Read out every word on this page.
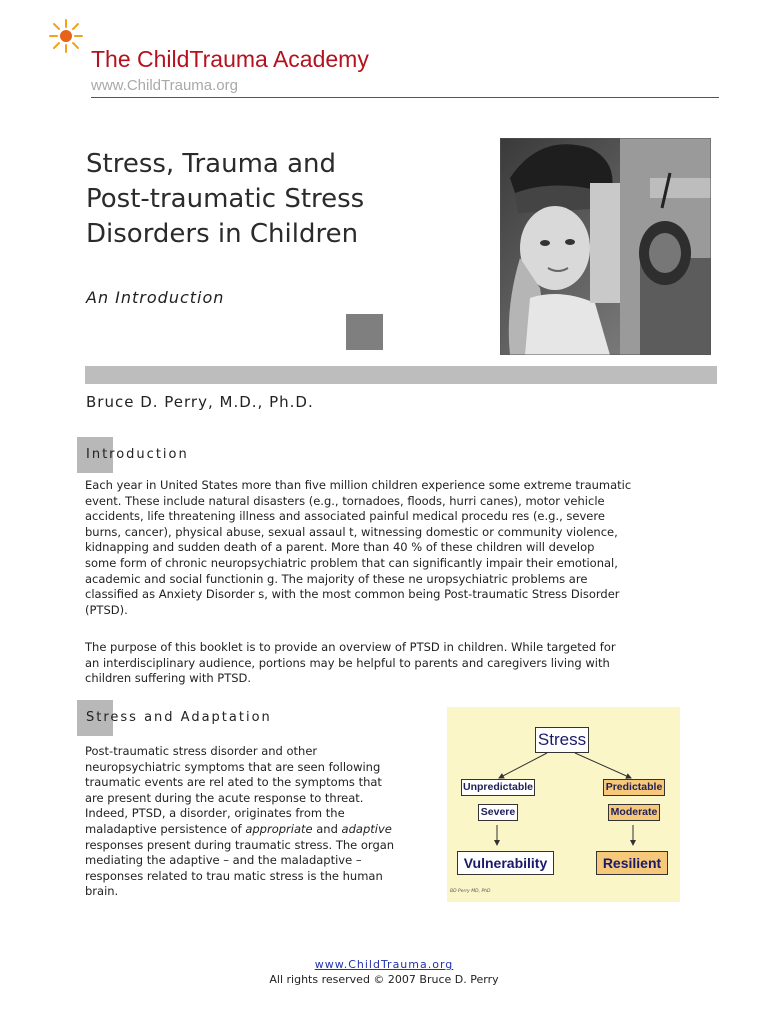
The ChildTrauma Academy
www.ChildTrauma.org
Stress, Trauma and
Post-traumatic Stress
Disorders in Children
An Introduction
Bruce D. Perry, M.D., Ph.D.
Introduction
Each year in United States more than five million children experience some extreme traumatic
event. These include natural disasters (e.g., tornadoes, floods, hurri canes), motor vehicle
accidents, life threatening illness and associated painful medical procedu res (e.g., severe
burns, cancer), physical abuse, sexual assaul t, witnessing domestic or community violence,
kidnapping and sudden death of a parent. More than 40 % of these children will develop
some form of chronic neuropsychiatric problem that can significantly impair their emotional,
academic and social functionin g. The majority of these ne uropsychiatric problems are
classified as Anxiety Disorder s, with the most common being Post-traumatic Stress Disorder
(PTSD).
The purpose of this booklet is to provide an overview of PTSD in children. While targeted for
an interdisciplinary audience, portions may be helpful to parents and caregivers living with
children suffering with PTSD.
Stress and Adaptation
Post-traumatic stress disorder and other
neuropsychiatric symptoms that are seen following
traumatic events are rel ated to the symptoms that
are present during the acute response to threat.
Indeed, PTSD, a disorder, originates from the
maladaptive persistence of appropriate and adaptive
responses present during traumatic stress. The organ
mediating the adaptive – and the maladaptive –
responses related to trau matic stress is the human
brain.
Stress
Unpredictable	Predictable
Severe	Moderate
Vulnerability	Resilient
BD Perry MD, PhD
www.ChildTrauma.org
All rights reserved © 2007 Bruce D. Perry
